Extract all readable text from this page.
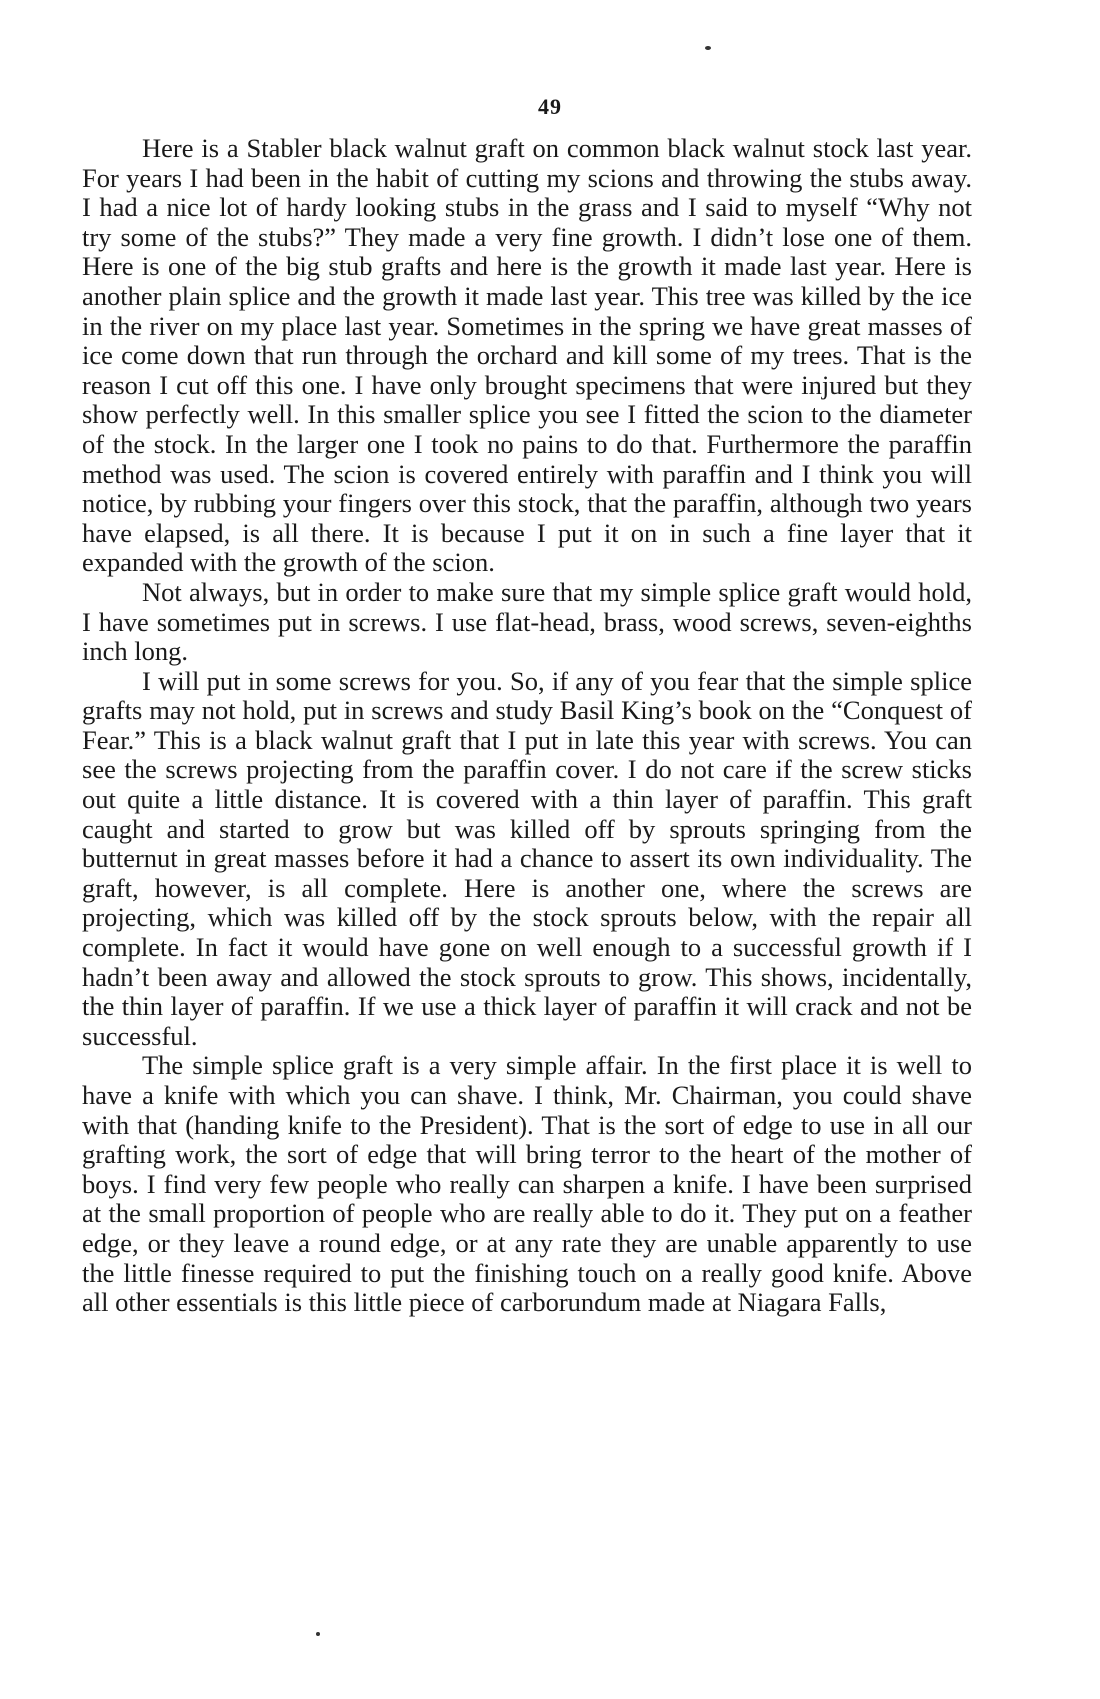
49

Here is a Stabler black walnut graft on common black walnut stock last year. For years I had been in the habit of cutting my scions and throwing the stubs away. I had a nice lot of hardy looking stubs in the grass and I said to myself “Why not try some of the stubs?” They made a very fine growth. I didn’t lose one of them. Here is one of the big stub grafts and here is the growth it made last year. Here is another plain splice and the growth it made last year. This tree was killed by the ice in the river on my place last year. Sometimes in the spring we have great masses of ice come down that run through the orchard and kill some of my trees. That is the reason I cut off this one. I have only brought specimens that were injured but they show perfectly well. In this smaller splice you see I fitted the scion to the diameter of the stock. In the larger one I took no pains to do that. Furthermore the paraffin method was used. The scion is covered entirely with paraffin and I think you will notice, by rubbing your fingers over this stock, that the paraffin, although two years have elapsed, is all there. It is because I put it on in such a fine layer that it expanded with the growth of the scion.

Not always, but in order to make sure that my simple splice graft would hold, I have sometimes put in screws. I use flat-head, brass, wood screws, seven-eighths inch long.

I will put in some screws for you. So, if any of you fear that the simple splice grafts may not hold, put in screws and study Basil King’s book on the “Conquest of Fear.” This is a black walnut graft that I put in late this year with screws. You can see the screws projecting from the paraffin cover. I do not care if the screw sticks out quite a little distance. It is covered with a thin layer of paraffin. This graft caught and started to grow but was killed off by sprouts springing from the butternut in great masses before it had a chance to assert its own individuality. The graft, however, is all complete. Here is another one, where the screws are projecting, which was killed off by the stock sprouts below, with the repair all complete. In fact it would have gone on well enough to a successful growth if I hadn’t been away and allowed the stock sprouts to grow. This shows, incidentally, the thin layer of paraffin. If we use a thick layer of paraffin it will crack and not be successful.

The simple splice graft is a very simple affair. In the first place it is well to have a knife with which you can shave. I think, Mr. Chairman, you could shave with that (handing knife to the President). That is the sort of edge to use in all our grafting work, the sort of edge that will bring terror to the heart of the mother of boys. I find very few people who really can sharpen a knife. I have been surprised at the small proportion of people who are really able to do it. They put on a feather edge, or they leave a round edge, or at any rate they are unable apparently to use the little finesse required to put the finishing touch on a really good knife. Above all other essentials is this little piece of carborundum made at Niagara Falls,
